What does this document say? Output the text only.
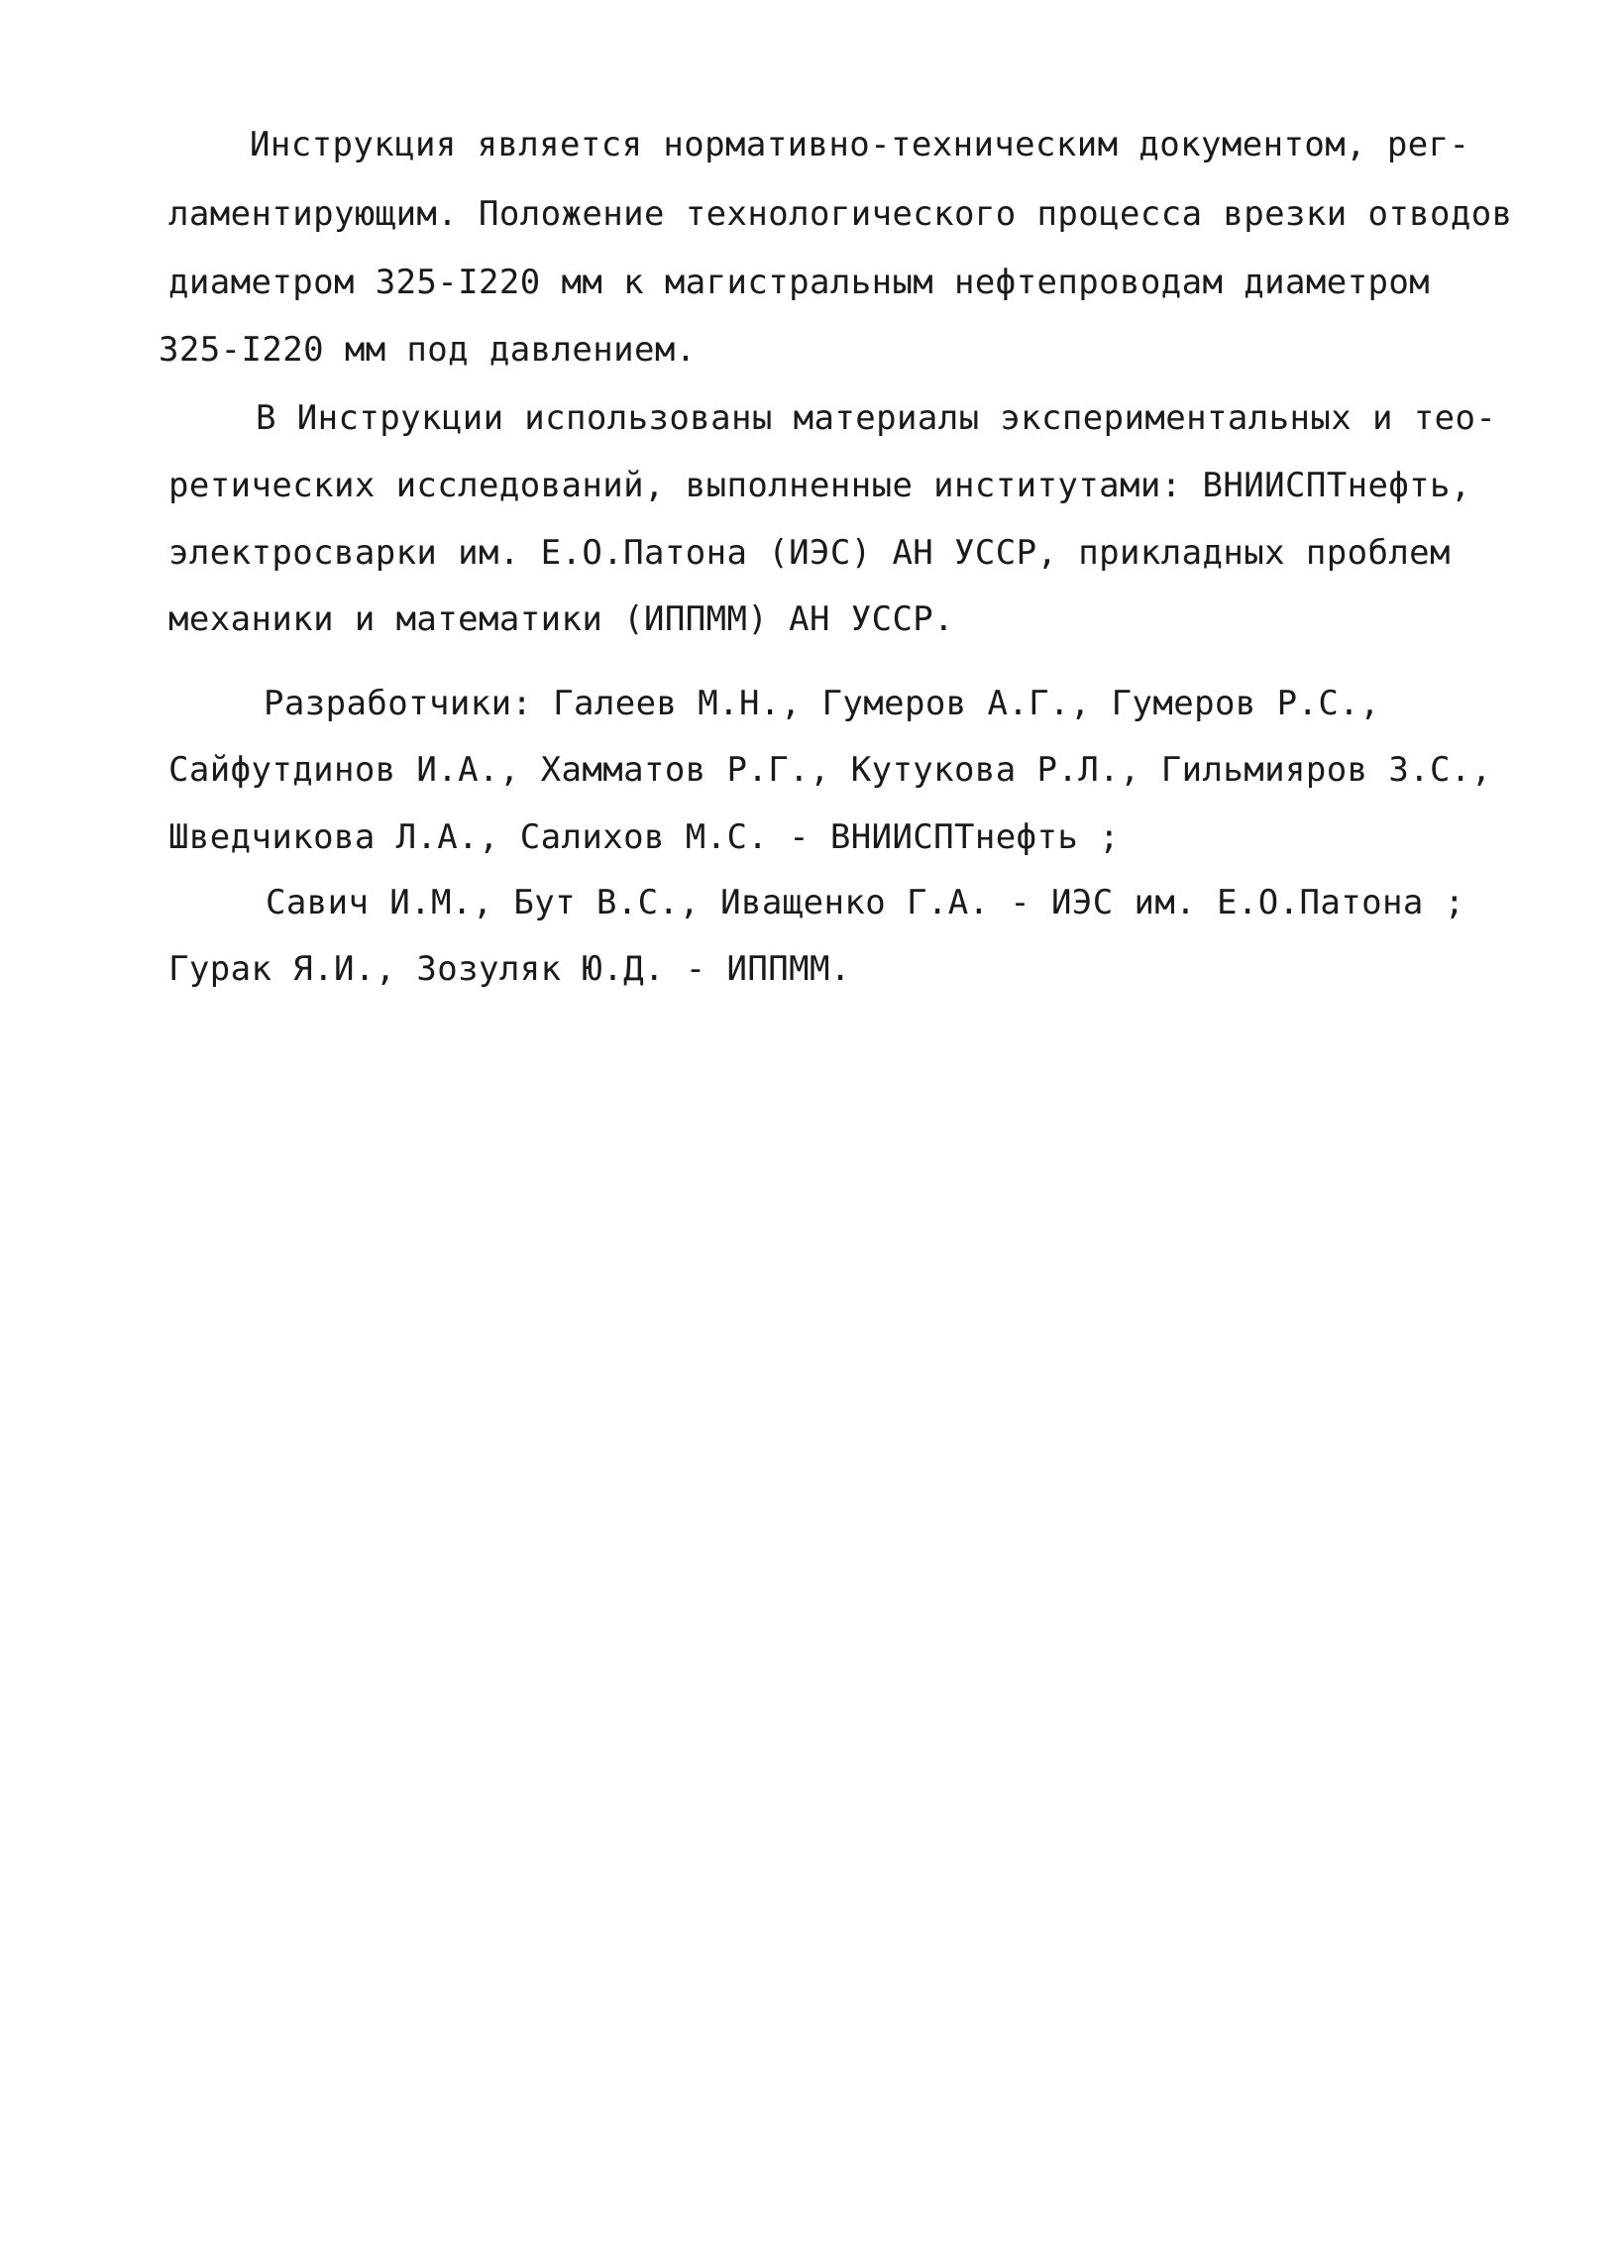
Инструкция является нормативно-техническим документом, рег-
ламентирующим. Положение технологического процесса врезки отводов
диаметром 325-I220 мм к магистральным нефтепроводам диаметром
325-I220 мм под давлением.
В Инструкции использованы материалы экспериментальных и тео-
ретических исследований, выполненные институтами: ВНИИСПТнефть,
электросварки им. Е.О.Патона (ИЭС) АН УССР, прикладных проблем
механики и математики (ИППММ) АН УССР.
Разработчики: Галеев М.Н., Гумеров А.Г., Гумеров Р.С.,
Сайфутдинов И.А., Хамматов Р.Г., Кутукова Р.Л., Гильмияров З.С.,
Шведчикова Л.А., Салихов М.С. - ВНИИСПТнефть ;
Савич И.М., Бут В.С., Иващенко Г.А. - ИЭС им. Е.О.Патона ;
Гурак Я.И., Зозуляк Ю.Д. - ИППММ.
